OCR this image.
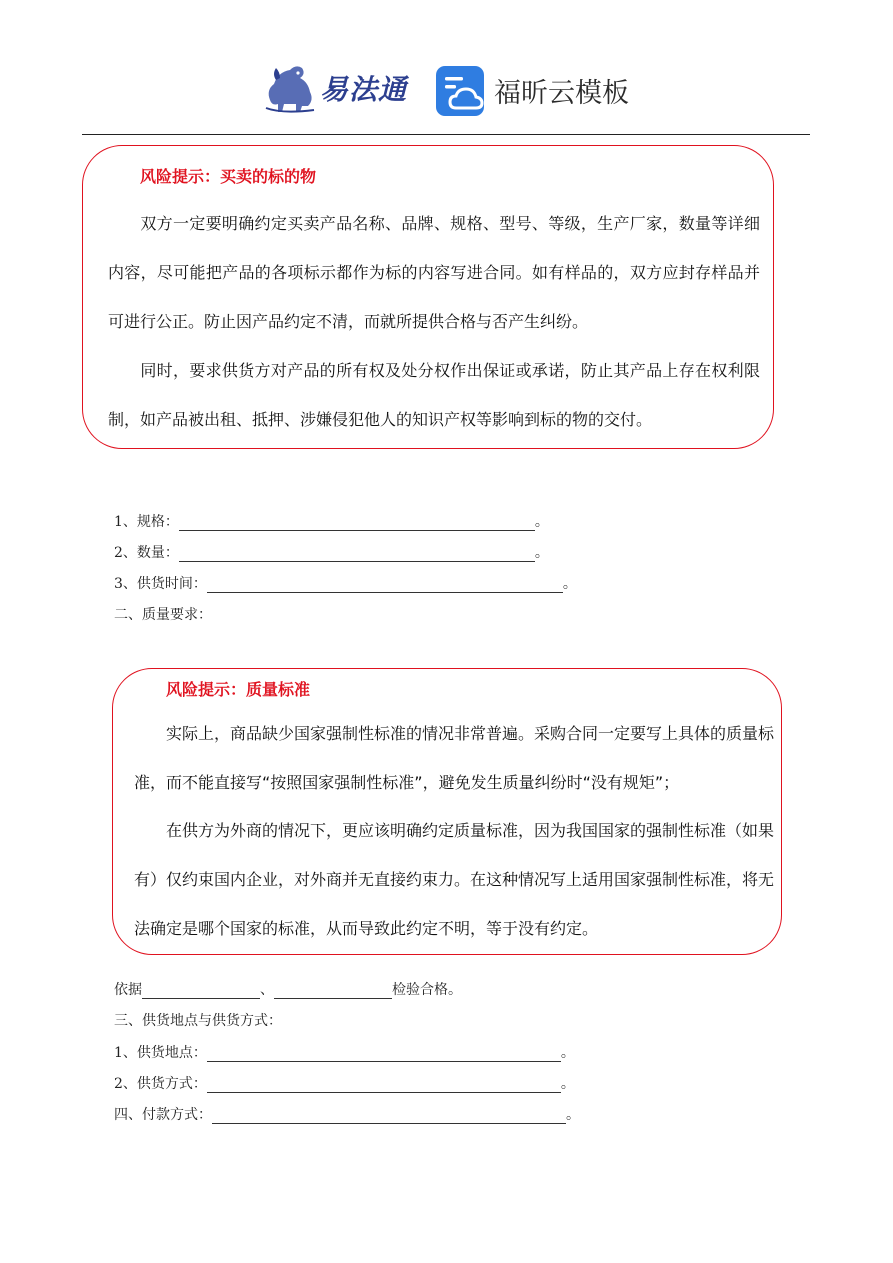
易法通	福昕云模板
风险提示：买卖的标的物
双方一定要明确约定买卖产品名称、品牌、规格、型号、等级，生产厂家，数量等详细内容，尽可能把产品的各项标示都作为标的内容写进合同。如有样品的，双方应封存样品并可进行公正。防止因产品约定不清，而就所提供合格与否产生纠纷。
同时，要求供货方对产品的所有权及处分权作出保证或承诺，防止其产品上存在权利限制，如产品被出租、抵押、涉嫌侵犯他人的知识产权等影响到标的物的交付。
1、规格：	。
2、数量：	。
3、供货时间：	。
二、质量要求：
风险提示：质量标准
实际上，商品缺少国家强制性标准的情况非常普遍。采购合同一定要写上具体的质量标准，而不能直接写“按照国家强制性标准”，避免发生质量纠纷时“没有规矩”；
在供方为外商的情况下，更应该明确约定质量标准，因为我国国家的强制性标准（如果有）仅约束国内企业，对外商并无直接约束力。在这种情况写上适用国家强制性标准，将无法确定是哪个国家的标准，从而导致此约定不明，等于没有约定。
依据	、	检验合格。
三、供货地点与供货方式：
1、供货地点：	。
2、供货方式：	。
四、付款方式：	。
